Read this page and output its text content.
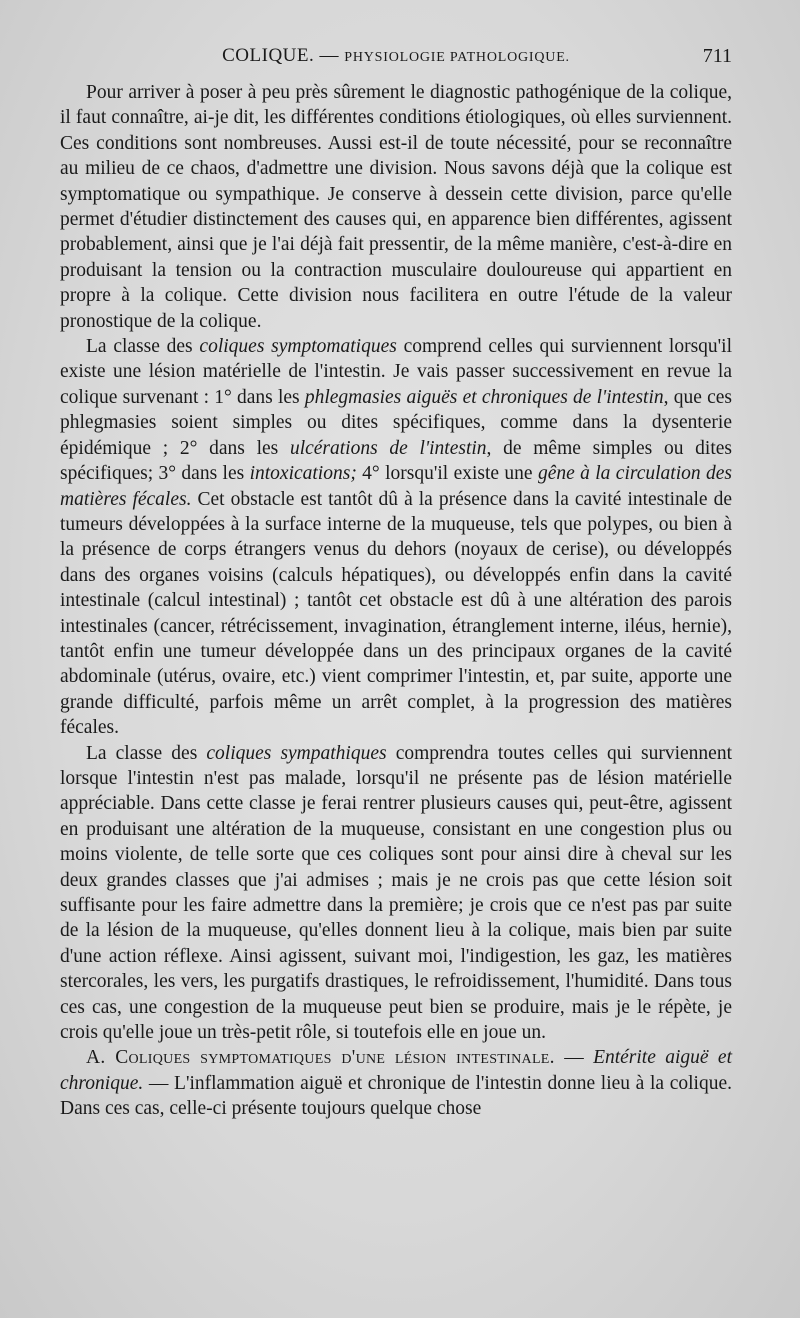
COLIQUE. — PHYSIOLOGIE PATHOLOGIQUE.	711

Pour arriver à poser à peu près sûrement le diagnostic pathogénique de la colique, il faut connaître, ai-je dit, les différentes conditions étiologiques, où elles surviennent. Ces conditions sont nombreuses. Aussi est-il de toute nécessité, pour se reconnaître au milieu de ce chaos, d'admettre une division. Nous savons déjà que la colique est symptomatique ou sympathique. Je conserve à dessein cette division, parce qu'elle permet d'étudier distinctement des causes qui, en apparence bien différentes, agissent probablement, ainsi que je l'ai déjà fait pressentir, de la même manière, c'est-à-dire en produisant la tension ou la contraction musculaire douloureuse qui appartient en propre à la colique. Cette division nous facilitera en outre l'étude de la valeur pronostique de la colique.

La classe des coliques symptomatiques comprend celles qui surviennent lorsqu'il existe une lésion matérielle de l'intestin. Je vais passer successivement en revue la colique survenant : 1° dans les phlegmasies aiguës et chroniques de l'intestin, que ces phlegmasies soient simples ou dites spécifiques, comme dans la dysenterie épidémique ; 2° dans les ulcérations de l'intestin, de même simples ou dites spécifiques; 3° dans les intoxications; 4° lorsqu'il existe une gêne à la circulation des matières fécales. Cet obstacle est tantôt dû à la présence dans la cavité intestinale de tumeurs développées à la surface interne de la muqueuse, tels que polypes, ou bien à la présence de corps étrangers venus du dehors (noyaux de cerise), ou développés dans des organes voisins (calculs hépatiques), ou développés enfin dans la cavité intestinale (calcul intestinal) ; tantôt cet obstacle est dû à une altération des parois intestinales (cancer, rétrécissement, invagination, étranglement interne, iléus, hernie), tantôt enfin une tumeur développée dans un des principaux organes de la cavité abdominale (utérus, ovaire, etc.) vient comprimer l'intestin, et, par suite, apporte une grande difficulté, parfois même un arrêt complet, à la progression des matières fécales.

La classe des coliques sympathiques comprendra toutes celles qui surviennent lorsque l'intestin n'est pas malade, lorsqu'il ne présente pas de lésion matérielle appréciable. Dans cette classe je ferai rentrer plusieurs causes qui, peut-être, agissent en produisant une altération de la muqueuse, consistant en une congestion plus ou moins violente, de telle sorte que ces coliques sont pour ainsi dire à cheval sur les deux grandes classes que j'ai admises ; mais je ne crois pas que cette lésion soit suffisante pour les faire admettre dans la première; je crois que ce n'est pas par suite de la lésion de la muqueuse, qu'elles donnent lieu à la colique, mais bien par suite d'une action réflexe. Ainsi agissent, suivant moi, l'indigestion, les gaz, les matières stercorales, les vers, les purgatifs drastiques, le refroidissement, l'humidité. Dans tous ces cas, une congestion de la muqueuse peut bien se produire, mais je le répète, je crois qu'elle joue un très-petit rôle, si toutefois elle en joue un.

A. Coliques symptomatiques d'une lésion intestinale. — Entérite aiguë et chronique. — L'inflammation aiguë et chronique de l'intestin donne lieu à la colique. Dans ces cas, celle-ci présente toujours quelque chose
